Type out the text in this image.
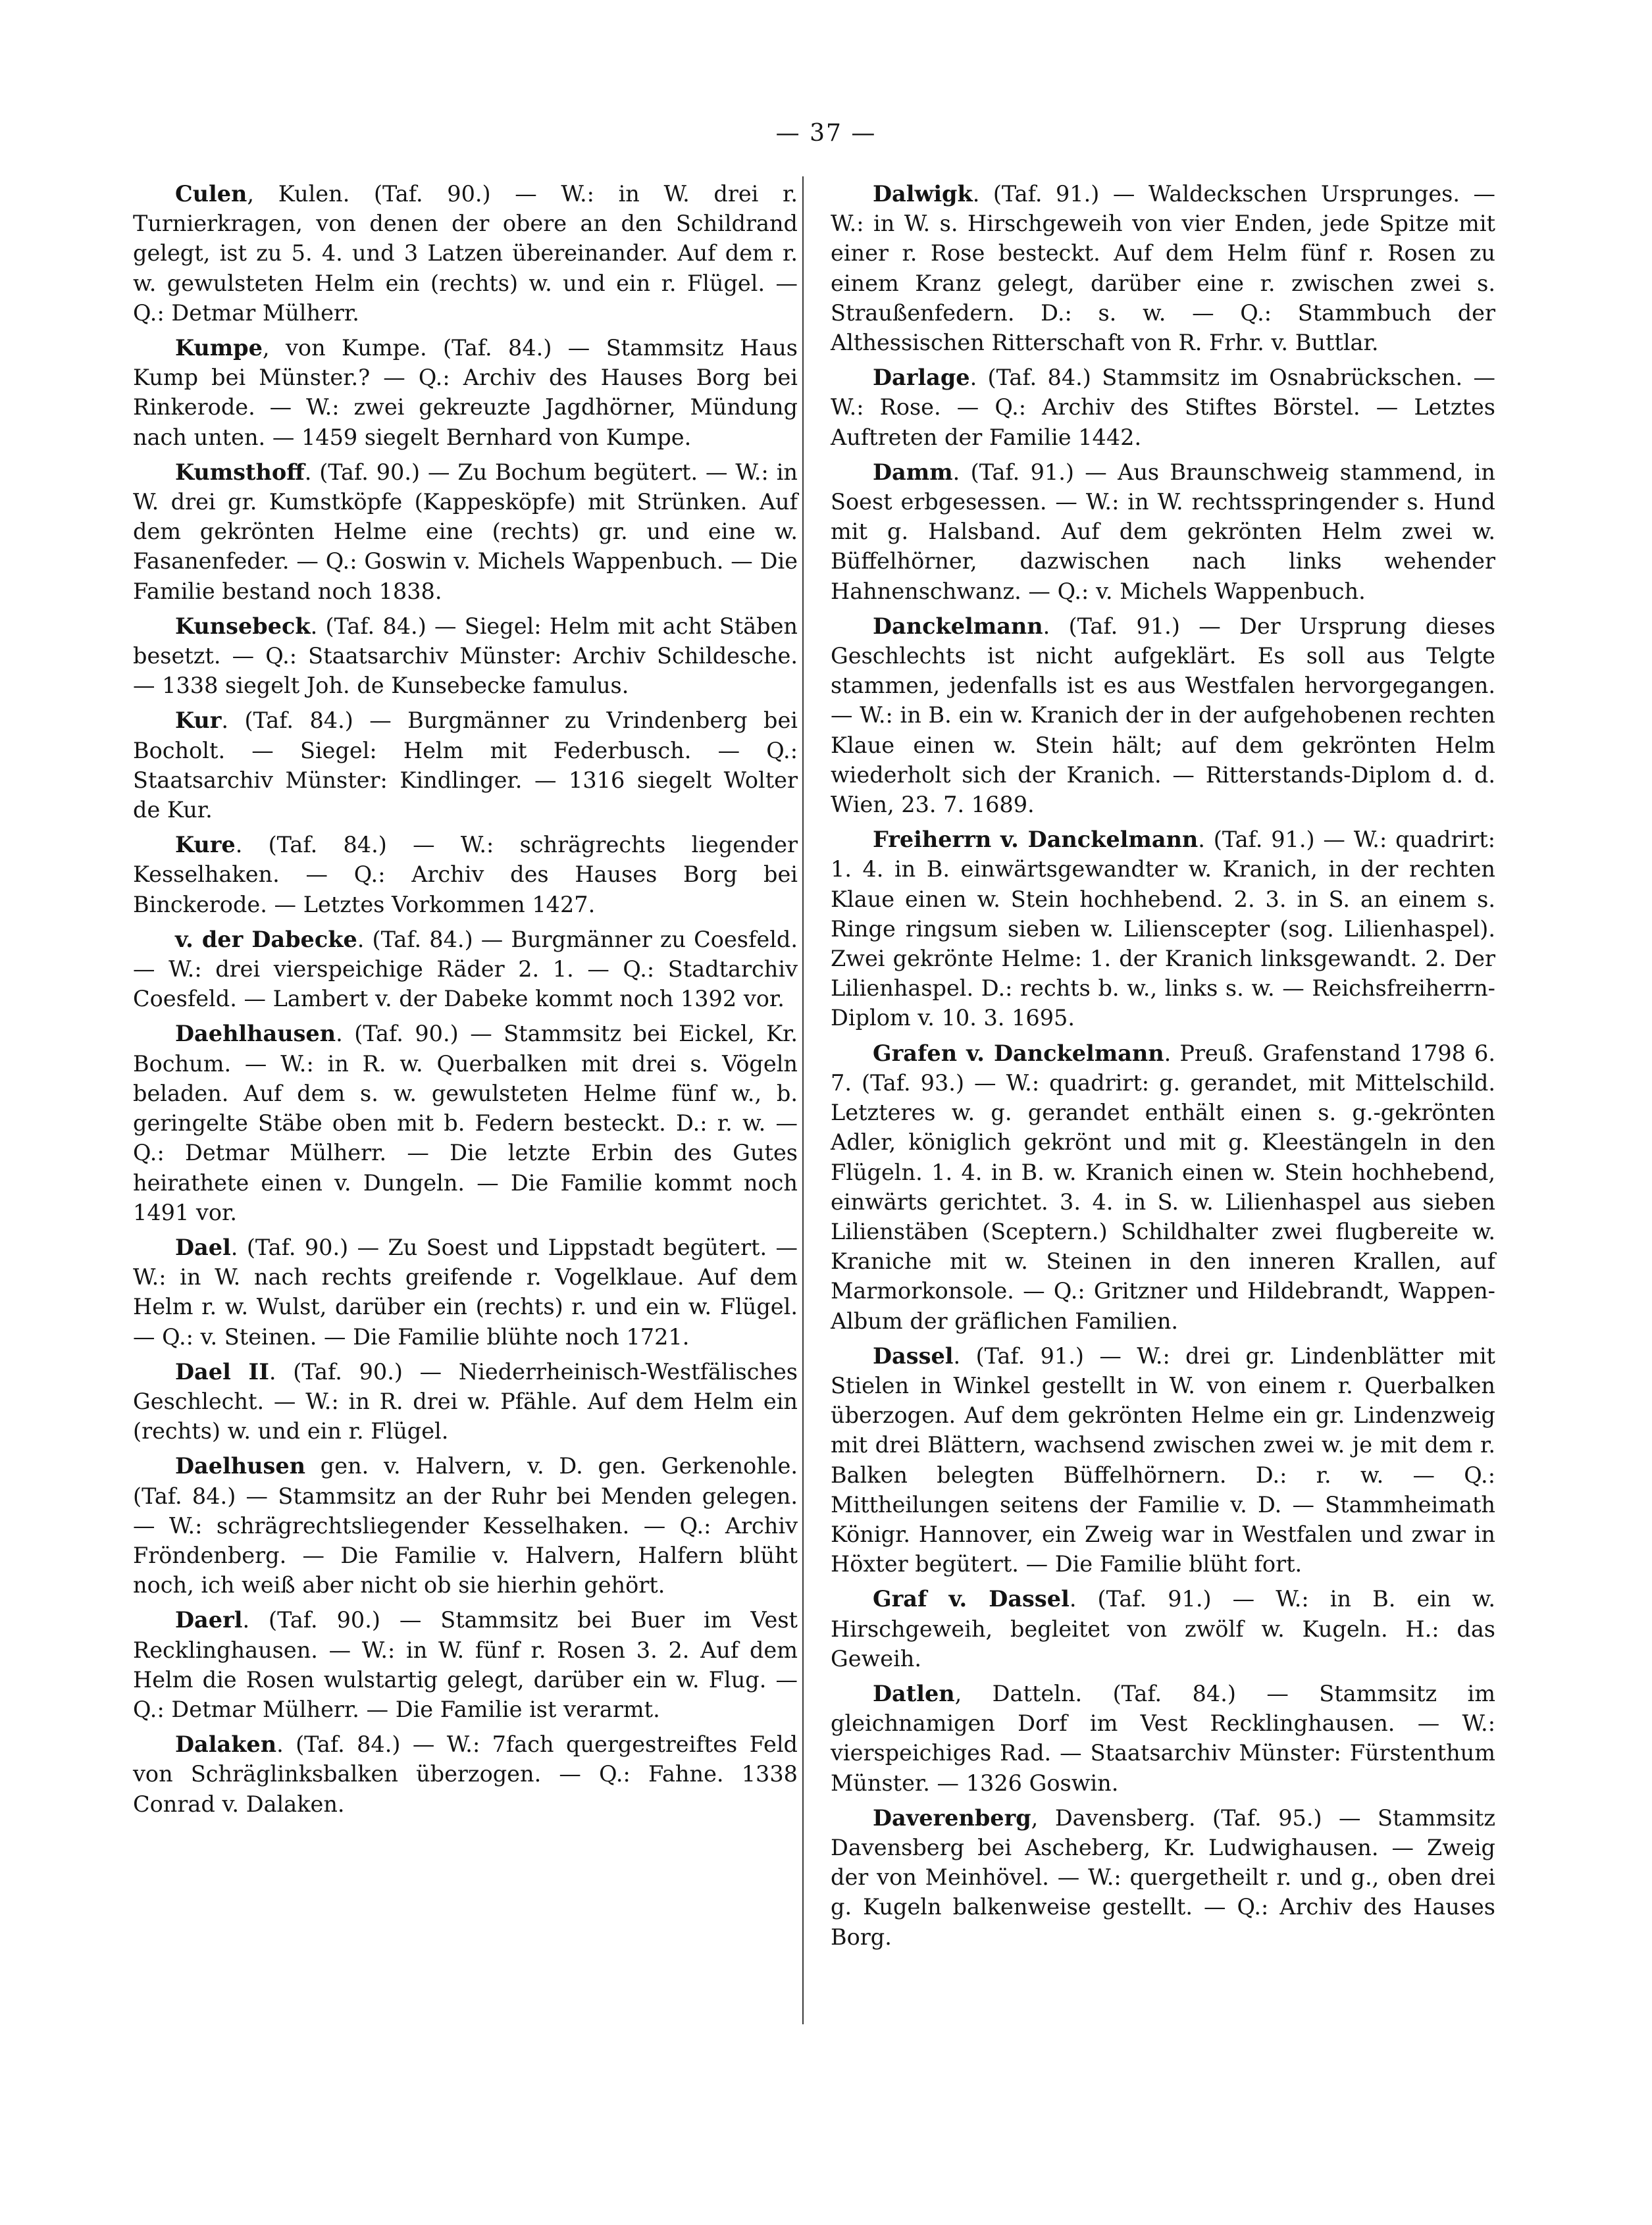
— 37 —

Culen, Kulen. (Taf. 90.) — W.: in W. drei r. Turnierkragen, von denen der obere an den Schildrand gelegt, ist zu 5. 4. und 3 Latzen übereinander. Auf dem r. w. gewulsteten Helm ein (rechts) w. und ein r. Flügel. — Q.: Detmar Mülherr.

Kumpe, von Kumpe. (Taf. 84.) — Stammsitz Haus Kump bei Münster.? — Q.: Archiv des Hauses Borg bei Rinkerode. — W.: zwei gekreuzte Jagdhörner, Mündung nach unten. — 1459 siegelt Bernhard von Kumpe.

Kumsthoff. (Taf. 90.) — Zu Bochum begütert. — W.: in W. drei gr. Kumstköpfe (Kappesköpfe) mit Strünken. Auf dem gekrönten Helme eine (rechts) gr. und eine w. Fasanenfeder. — Q.: Goswin v. Michels Wappenbuch. — Die Familie bestand noch 1838.

Kunsebeck. (Taf. 84.) — Siegel: Helm mit acht Stäben besetzt. — Q.: Staatsarchiv Münster: Archiv Schildesche. — 1338 siegelt Joh. de Kunsebecke famulus.

Kur. (Taf. 84.) — Burgmänner zu Vrindenberg bei Bocholt. — Siegel: Helm mit Federbusch. — Q.: Staatsarchiv Münster: Kindlinger. — 1316 siegelt Wolter de Kur.

Kure. (Taf. 84.) — W.: schrägrechts liegender Kesselhaken. — Q.: Archiv des Hauses Borg bei Binckerode. — Letztes Vorkommen 1427.

v. der Dabecke. (Taf. 84.) — Burgmänner zu Coesfeld. — W.: drei vierspeichige Räder 2. 1. — Q.: Stadtarchiv Coesfeld. — Lambert v. der Dabeke kommt noch 1392 vor.

Daehlhausen. (Taf. 90.) — Stammsitz bei Eickel, Kr. Bochum. — W.: in R. w. Querbalken mit drei s. Vögeln beladen. Auf dem s. w. gewulsteten Helme fünf w., b. geringelte Stäbe oben mit b. Federn besteckt. D.: r. w. — Q.: Detmar Mülherr. — Die letzte Erbin des Gutes heirathete einen v. Dungeln. — Die Familie kommt noch 1491 vor.

Dael. (Taf. 90.) — Zu Soest und Lippstadt begütert. — W.: in W. nach rechts greifende r. Vogelklaue. Auf dem Helm r. w. Wulst, darüber ein (rechts) r. und ein w. Flügel. — Q.: v. Steinen. — Die Familie blühte noch 1721.

Dael II. (Taf. 90.) — Niederrheinisch-Westfälisches Geschlecht. — W.: in R. drei w. Pfähle. Auf dem Helm ein (rechts) w. und ein r. Flügel.

Daelhusen gen. v. Halvern, v. D. gen. Gerkenohle. (Taf. 84.) — Stammsitz an der Ruhr bei Menden gelegen. — W.: schrägrechtsliegender Kesselhaken. — Q.: Archiv Fröndenberg. — Die Familie v. Halvern, Halfern blüht noch, ich weiß aber nicht ob sie hierhin gehört.

Daerl. (Taf. 90.) — Stammsitz bei Buer im Vest Recklinghausen. — W.: in W. fünf r. Rosen 3. 2. Auf dem Helm die Rosen wulstartig gelegt, darüber ein w. Flug. — Q.: Detmar Mülherr. — Die Familie ist verarmt.

Dalaken. (Taf. 84.) — W.: 7fach quergestreiftes Feld von Schräglinksbalken überzogen. — Q.: Fahne. 1338 Conrad v. Dalaken.

Dalwigk. (Taf. 91.) — Waldeckschen Ursprunges. — W.: in W. s. Hirschgeweih von vier Enden, jede Spitze mit einer r. Rose besteckt. Auf dem Helm fünf r. Rosen zu einem Kranz gelegt, darüber eine r. zwischen zwei s. Straußenfedern. D.: s. w. — Q.: Stammbuch der Althessischen Ritterschaft von R. Frhr. v. Buttlar.

Darlage. (Taf. 84.) Stammsitz im Osnabrückschen. — W.: Rose. — Q.: Archiv des Stiftes Börstel. — Letztes Auftreten der Familie 1442.

Damm. (Taf. 91.) — Aus Braunschweig stammend, in Soest erbgesessen. — W.: in W. rechtsspringender s. Hund mit g. Halsband. Auf dem gekrönten Helm zwei w. Büffelhörner, dazwischen nach links wehender Hahnenschwanz. — Q.: v. Michels Wappenbuch.

Danckelmann. (Taf. 91.) — Der Ursprung dieses Geschlechts ist nicht aufgeklärt. Es soll aus Telgte stammen, jedenfalls ist es aus Westfalen hervorgegangen. — W.: in B. ein w. Kranich der in der aufgehobenen rechten Klaue einen w. Stein hält; auf dem gekrönten Helm wiederholt sich der Kranich. — Ritterstands-Diplom d. d. Wien, 23. 7. 1689.

Freiherrn v. Danckelmann. (Taf. 91.) — W.: quadrirt: 1. 4. in B. einwärtsgewandter w. Kranich, in der rechten Klaue einen w. Stein hochhebend. 2. 3. in S. an einem s. Ringe ringsum sieben w. Lilienscepter (sog. Lilienhaspel). Zwei gekrönte Helme: 1. der Kranich linksgewandt. 2. Der Lilienhaspel. D.: rechts b. w., links s. w. — Reichsfreiherrn-Diplom v. 10. 3. 1695.

Grafen v. Danckelmann. Preuß. Grafenstand 1798 6. 7. (Taf. 93.) — W.: quadrirt: g. gerandet, mit Mittelschild. Letzteres w. g. gerandet enthält einen s. g.-gekrönten Adler, königlich gekrönt und mit g. Kleestängeln in den Flügeln. 1. 4. in B. w. Kranich einen w. Stein hochhebend, einwärts gerichtet. 3. 4. in S. w. Lilienhaspel aus sieben Lilienstäben (Sceptern.) Schildhalter zwei flugbereite w. Kraniche mit w. Steinen in den inneren Krallen, auf Marmorkonsole. — Q.: Gritzner und Hildebrandt, Wappen-Album der gräflichen Familien.

Dassel. (Taf. 91.) — W.: drei gr. Lindenblätter mit Stielen in Winkel gestellt in W. von einem r. Querbalken überzogen. Auf dem gekrönten Helme ein gr. Lindenzweig mit drei Blättern, wachsend zwischen zwei w. je mit dem r. Balken belegten Büffelhörnern. D.: r. w. — Q.: Mittheilungen seitens der Familie v. D. — Stammheimath Königr. Hannover, ein Zweig war in Westfalen und zwar in Höxter begütert. — Die Familie blüht fort.

Graf v. Dassel. (Taf. 91.) — W.: in B. ein w. Hirschgeweih, begleitet von zwölf w. Kugeln. H.: das Geweih.

Datlen, Datteln. (Taf. 84.) — Stammsitz im gleichnamigen Dorf im Vest Recklinghausen. — W.: vierspeichiges Rad. — Staatsarchiv Münster: Fürstenthum Münster. — 1326 Goswin.

Daverenberg, Davensberg. (Taf. 95.) — Stammsitz Davensberg bei Ascheberg, Kr. Ludwighausen. — Zweig der von Meinhövel. — W.: quergetheilt r. und g., oben drei g. Kugeln balkenweise gestellt. — Q.: Archiv des Hauses Borg.
